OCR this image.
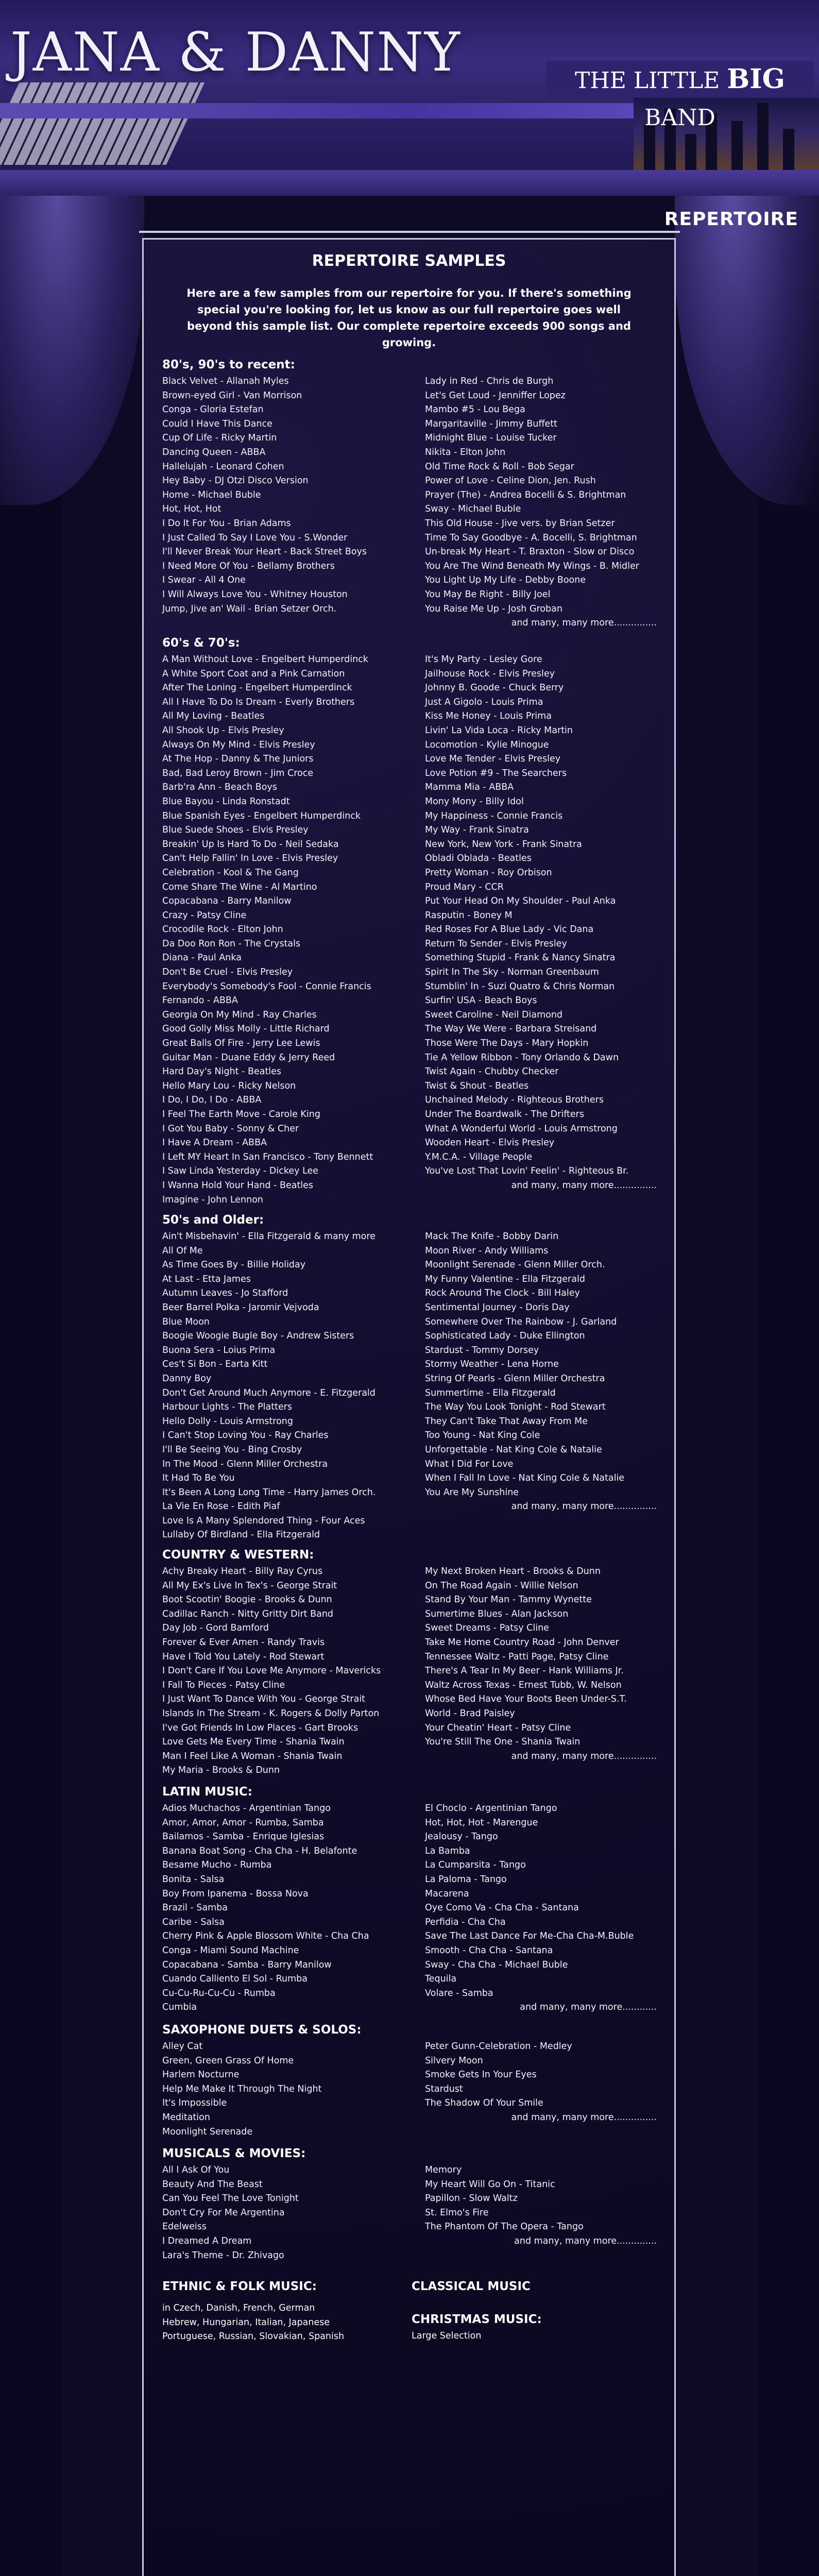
JANA & DANNY	THE LITTLE BIG BAND
REPERTOIRE
REPERTOIRE SAMPLES
Here are a few samples from our repertoire for you. If there's something special you're looking for, let us know as our full repertoire goes well beyond this sample list. Our complete repertoire exceeds 900 songs and growing.
80's, 90's to recent:
Black Velvet - Allanah Myles
Brown-eyed Girl - Van Morrison
Conga - Gloria Estefan
Could I Have This Dance
Cup Of Life - Ricky Martin
Dancing Queen - ABBA
Hallelujah - Leonard Cohen
Hey Baby - DJ Otzi Disco Version
Home - Michael Buble
Hot, Hot, Hot
I Do It For You - Brian Adams
I Just Called To Say I Love You - S.Wonder
I'll Never Break Your Heart - Back Street Boys
I Need More Of You - Bellamy Brothers
I Swear - All 4 One
I Will Always Love You - Whitney Houston
Jump, Jive an' Wail - Brian Setzer Orch.
Lady in Red - Chris de Burgh
Let's Get Loud - Jenniffer Lopez
Mambo #5 - Lou Bega
Margaritaville - Jimmy Buffett
Midnight Blue - Louise Tucker
Nikita - Elton John
Old Time Rock & Roll - Bob Segar
Power of Love - Celine Dion, Jen. Rush
Prayer (The) - Andrea Bocelli & S. Brightman
Sway - Michael Buble
This Old House - Jive vers. by Brian Setzer
Time To Say Goodbye - A. Bocelli, S. Brightman
Un-break My Heart - T. Braxton - Slow or Disco
You Are The Wind Beneath My Wings - B. Midler
You Light Up My Life - Debby Boone
You May Be Right - Billy Joel
You Raise Me Up - Josh Groban
and many, many more...............
60's & 70's:
A Man Without Love - Engelbert Humperdinck
A White Sport Coat and a Pink Carnation
After The Loning - Engelbert Humperdinck
All I Have To Do Is Dream - Everly Brothers
All My Loving - Beatles
All Shook Up - Elvis Presley
Always On My Mind - Elvis Presley
At The Hop - Danny & The Juniors
Bad, Bad Leroy Brown - Jim Croce
Barb'ra Ann - Beach Boys
Blue Bayou - Linda Ronstadt
Blue Spanish Eyes - Engelbert Humperdinck
Blue Suede Shoes - Elvis Presley
Breakin' Up Is Hard To Do - Neil Sedaka
Can't Help Fallin' In Love - Elvis Presley
Celebration - Kool & The Gang
Come Share The Wine - Al Martino
Copacabana - Barry Manilow
Crazy - Patsy Cline
Crocodile Rock - Elton John
Da Doo Ron Ron - The Crystals
Diana - Paul Anka
Don't Be Cruel - Elvis Presley
Everybody's Somebody's Fool - Connie Francis
Fernando - ABBA
Georgia On My Mind - Ray Charles
Good Golly Miss Molly - Little Richard
Great Balls Of Fire - Jerry Lee Lewis
Guitar Man - Duane Eddy & Jerry Reed
Hard Day's Night - Beatles
Hello Mary Lou - Ricky Nelson
I Do, I Do, I Do - ABBA
I Feel The Earth Move - Carole King
I Got You Baby - Sonny & Cher
I Have A Dream - ABBA
I Left MY Heart In San Francisco - Tony Bennett
I Saw Linda Yesterday - Dickey Lee
I Wanna Hold Your Hand - Beatles
Imagine - John Lennon
It's My Party - Lesley Gore
Jailhouse Rock - Elvis Presley
Johnny B. Goode - Chuck Berry
Just A Gigolo - Louis Prima
Kiss Me Honey - Louis Prima
Livin' La Vida Loca - Ricky Martin
Locomotion - Kylie Minogue
Love Me Tender - Elvis Presley
Love Potion #9 - The Searchers
Mamma Mia - ABBA
Mony Mony - Billy Idol
My Happiness - Connie Francis
My Way - Frank Sinatra
New York, New York - Frank Sinatra
Obladi Oblada - Beatles
Pretty Woman - Roy Orbison
Proud Mary - CCR
Put Your Head On My Shoulder - Paul Anka
Rasputin - Boney M
Red Roses For A Blue Lady - Vic Dana
Return To Sender - Elvis Presley
Something Stupid - Frank & Nancy Sinatra
Spirit In The Sky - Norman Greenbaum
Stumblin' In - Suzi Quatro & Chris Norman
Surfin' USA - Beach Boys
Sweet Caroline - Neil Diamond
The Way We Were - Barbara Streisand
Those Were The Days - Mary Hopkin
Tie A Yellow Ribbon - Tony Orlando & Dawn
Twist Again - Chubby Checker
Twist & Shout - Beatles
Unchained Melody - Righteous Brothers
Under The Boardwalk - The Drifters
What A Wonderful World - Louis Armstrong
Wooden Heart - Elvis Presley
Y.M.C.A. - Village People
You've Lost That Lovin' Feelin' - Righteous Br.
and many, many more...............
50's and Older:
Ain't Misbehavin' - Ella Fitzgerald & many more
All Of Me
As Time Goes By - Billie Holiday
At Last - Etta James
Autumn Leaves - Jo Stafford
Beer Barrel Polka - Jaromir Vejvoda
Blue Moon
Boogie Woogie Bugle Boy - Andrew Sisters
Buona Sera - Loius Prima
Ces't Si Bon - Earta Kitt
Danny Boy
Don't Get Around Much Anymore - E. Fitzgerald
Harbour Lights - The Platters
Hello Dolly - Louis Armstrong
I Can't Stop Loving You - Ray Charles
I'll Be Seeing You - Bing Crosby
In The Mood - Glenn Miller Orchestra
It Had To Be You
It's Been A Long Long Time - Harry James Orch.
La Vie En Rose - Edith Piaf
Love Is A Many Splendored Thing - Four Aces
Lullaby Of Birdland - Ella Fitzgerald
Mack The Knife - Bobby Darin
Moon River - Andy Williams
Moonlight Serenade - Glenn Miller Orch.
My Funny Valentine - Ella Fitzgerald
Rock Around The Clock - Bill Haley
Sentimental Journey - Doris Day
Somewhere Over The Rainbow - J. Garland
Sophisticated Lady - Duke Ellington
Stardust - Tommy Dorsey
Stormy Weather - Lena Horne
String Of Pearls - Glenn Miller Orchestra
Summertime - Ella Fitzgerald
The Way You Look Tonight - Rod Stewart
They Can't Take That Away From Me
Too Young - Nat King Cole
Unforgettable - Nat King Cole & Natalie
What I Did For Love
When I Fall In Love - Nat King Cole & Natalie
You Are My Sunshine
and many, many more...............
COUNTRY & WESTERN:
Achy Breaky Heart - Billy Ray Cyrus
All My Ex's Live In Tex's - George Strait
Boot Scootin' Boogie - Brooks & Dunn
Cadillac Ranch - Nitty Gritty Dirt Band
Day Job - Gord Bamford
Forever & Ever Amen - Randy Travis
Have I Told You Lately - Rod Stewart
I Don't Care If You Love Me Anymore - Mavericks
I Fall To Pieces - Patsy Cline
I Just Want To Dance With You - George Strait
Islands In The Stream - K. Rogers & Dolly Parton
I've Got Friends In Low Places - Gart Brooks
Love Gets Me Every Time - Shania Twain
Man I Feel Like A Woman - Shania Twain
My Maria - Brooks & Dunn
My Next Broken Heart - Brooks & Dunn
On The Road Again - Willie Nelson
Stand By Your Man - Tammy Wynette
Sumertime Blues - Alan Jackson
Sweet Dreams - Patsy Cline
Take Me Home Country Road - John Denver
Tennessee Waltz - Patti Page, Patsy Cline
There's A Tear In My Beer - Hank Williams Jr.
Waltz Across Texas - Ernest Tubb, W. Nelson
Whose Bed Have Your Boots Been Under-S.T.
World - Brad Paisley
Your Cheatin' Heart - Patsy Cline
You're Still The One - Shania Twain
and many, many more...............
LATIN MUSIC:
Adios Muchachos - Argentinian Tango
Amor, Amor, Amor - Rumba, Samba
Bailamos - Samba - Enrique Iglesias
Banana Boat Song - Cha Cha - H. Belafonte
Besame Mucho - Rumba
Bonita - Salsa
Boy From Ipanema - Bossa Nova
Brazil - Samba
Caribe - Salsa
Cherry Pink & Apple Blossom White - Cha Cha
Conga - Miami Sound Machine
Copacabana - Samba - Barry Manilow
Cuando Calliento El Sol - Rumba
Cu-Cu-Ru-Cu-Cu - Rumba
Cumbia
El Choclo - Argentinian Tango
Hot, Hot, Hot - Marengue
Jealousy - Tango
La Bamba
La Cumparsita - Tango
La Paloma - Tango
Macarena
Oye Como Va - Cha Cha - Santana
Perfidia - Cha Cha
Save The Last Dance For Me-Cha Cha-M.Buble
Smooth - Cha Cha - Santana
Sway - Cha Cha - Michael Buble
Tequila
Volare - Samba
and many, many more............
SAXOPHONE DUETS & SOLOS:
Alley Cat
Green, Green Grass Of Home
Harlem Nocturne
Help Me Make It Through The Night
It's Impossible
Meditation
Moonlight Serenade
Peter Gunn-Celebration - Medley
Silvery Moon
Smoke Gets In Your Eyes
Stardust
The Shadow Of Your Smile
and many, many more...............
MUSICALS & MOVIES:
All I Ask Of You
Beauty And The Beast
Can You Feel The Love Tonight
Don't Cry For Me Argentina
Edelweiss
I Dreamed A Dream
Lara's Theme - Dr. Zhivago
Memory
My Heart Will Go On - Titanic
Papillon - Slow Waltz
St. Elmo's Fire
The Phantom Of The Opera - Tango
and many, many more..............
ETHNIC & FOLK MUSIC:
in Czech, Danish, French, German
Hebrew, Hungarian, Italian, Japanese
Portuguese, Russian, Slovakian, Spanish
CLASSICAL MUSIC
CHRISTMAS MUSIC:
Large Selection
